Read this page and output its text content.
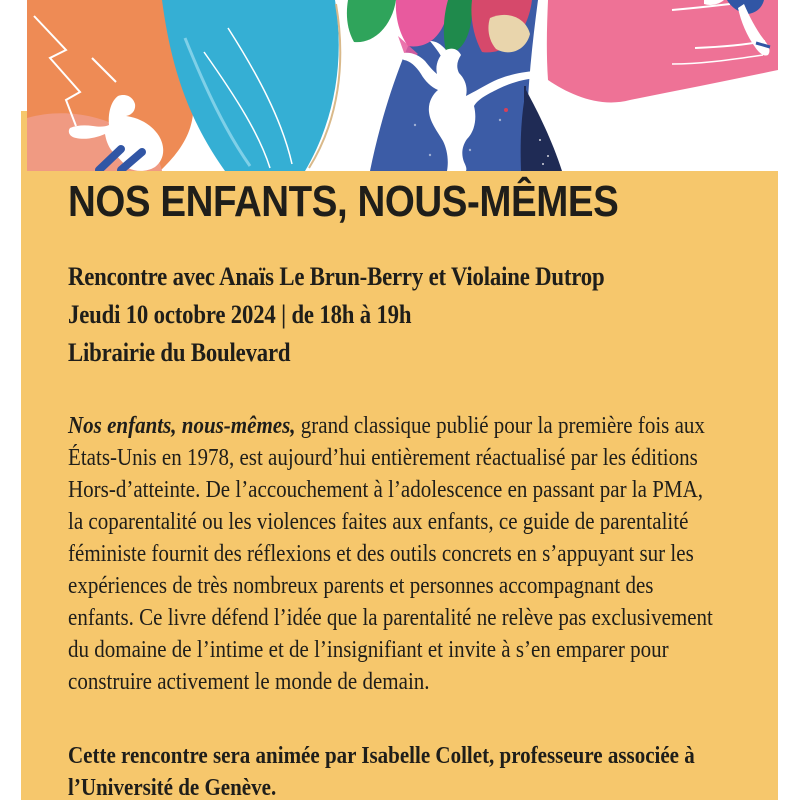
NOS ENFANTS, NOUS-MÊMES

Rencontre avec Anaïs Le Brun-Berry et Violaine Dutrop

Jeudi 10 octobre 2024 | de 18h à 19h

Librairie du Boulevard

Nos enfants, nous-mêmes, grand classique publié pour la première fois aux États-Unis en 1978, est aujourd’hui entièrement réactualisé par les éditions Hors-d’atteinte. De l’accouchement à l’adolescence en passant par la PMA, la coparentalité ou les violences faites aux enfants, ce guide de parentalité féministe fournit des réflexions et des outils concrets en s’appuyant sur les expériences de très nombreux parents et personnes accompagnant des enfants. Ce livre défend l’idée que la parentalité ne relève pas exclusivement du domaine de l’intime et de l’insignifiant et invite à s’en emparer pour construire activement le monde de demain.

Cette rencontre sera animée par Isabelle Collet, professeure associée à l’Université de Genève.
